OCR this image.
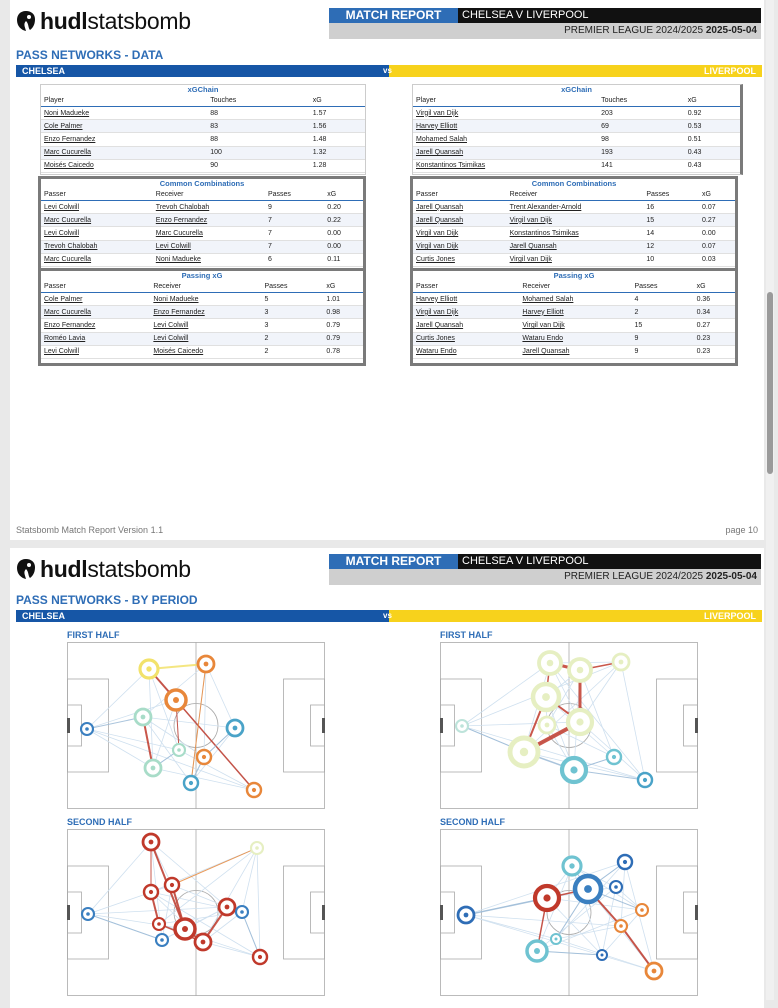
hudlstatsbomb	MATCH REPORT	CHELSEA V LIVERPOOL
PREMIER LEAGUE 2024/2025 2025-05-04
PASS NETWORKS - DATA
CHELSEA	LIVERPOOL
vs
xGChain
Player	Touches	xG
Noni Madueke	88	1.57
Cole Palmer	83	1.56
Enzo Fernandez	88	1.48
Marc Cucurella	100	1.32
Moisés Caicedo	90	1.28
Common Combinations
Passer	Receiver	Passes	xG
Levi Colwill	Trevoh Chalobah	9	0.20
Marc Cucurella	Enzo Fernandez	7	0.22
Levi Colwill	Marc Cucurella	7	0.00
Trevoh Chalobah	Levi Colwill	7	0.00
Marc Cucurella	Noni Madueke	6	0.11
Passing xG
Passer	Receiver	Passes	xG
Cole Palmer	Noni Madueke	5	1.01
Marc Cucurella	Enzo Fernandez	3	0.98
Enzo Fernandez	Levi Colwill	3	0.79
Roméo Lavia	Levi Colwill	2	0.79
Levi Colwill	Moisés Caicedo	2	0.78
xGChain
Player	Touches	xG
Virgil van Dijk	203	0.92
Harvey Elliott	69	0.53
Mohamed Salah	98	0.51
Jarell Quansah	193	0.43
Konstantinos Tsimikas	141	0.43
Common Combinations
Passer	Receiver	Passes	xG
Jarell Quansah	Trent Alexander-Arnold	16	0.07
Jarell Quansah	Virgil van Dijk	15	0.27
Virgil van Dijk	Konstantinos Tsimikas	14	0.00
Virgil van Dijk	Jarell Quansah	12	0.07
Curtis Jones	Virgil van Dijk	10	0.03
Passing xG
Passer	Receiver	Passes	xG
Harvey Elliott	Mohamed Salah	4	0.36
Virgil van Dijk	Harvey Elliott	2	0.34
Jarell Quansah	Virgil van Dijk	15	0.27
Curtis Jones	Wataru Endo	9	0.23
Wataru Endo	Jarell Quansah	9	0.23
Statsbomb Match Report Version 1.1	page 10
hudlstatsbomb	MATCH REPORT	CHELSEA V LIVERPOOL
PREMIER LEAGUE 2024/2025 2025-05-04
PASS NETWORKS - BY PERIOD
CHELSEA	LIVERPOOL
vs
FIRST HALF	FIRST HALF
SECOND HALF	SECOND HALF
